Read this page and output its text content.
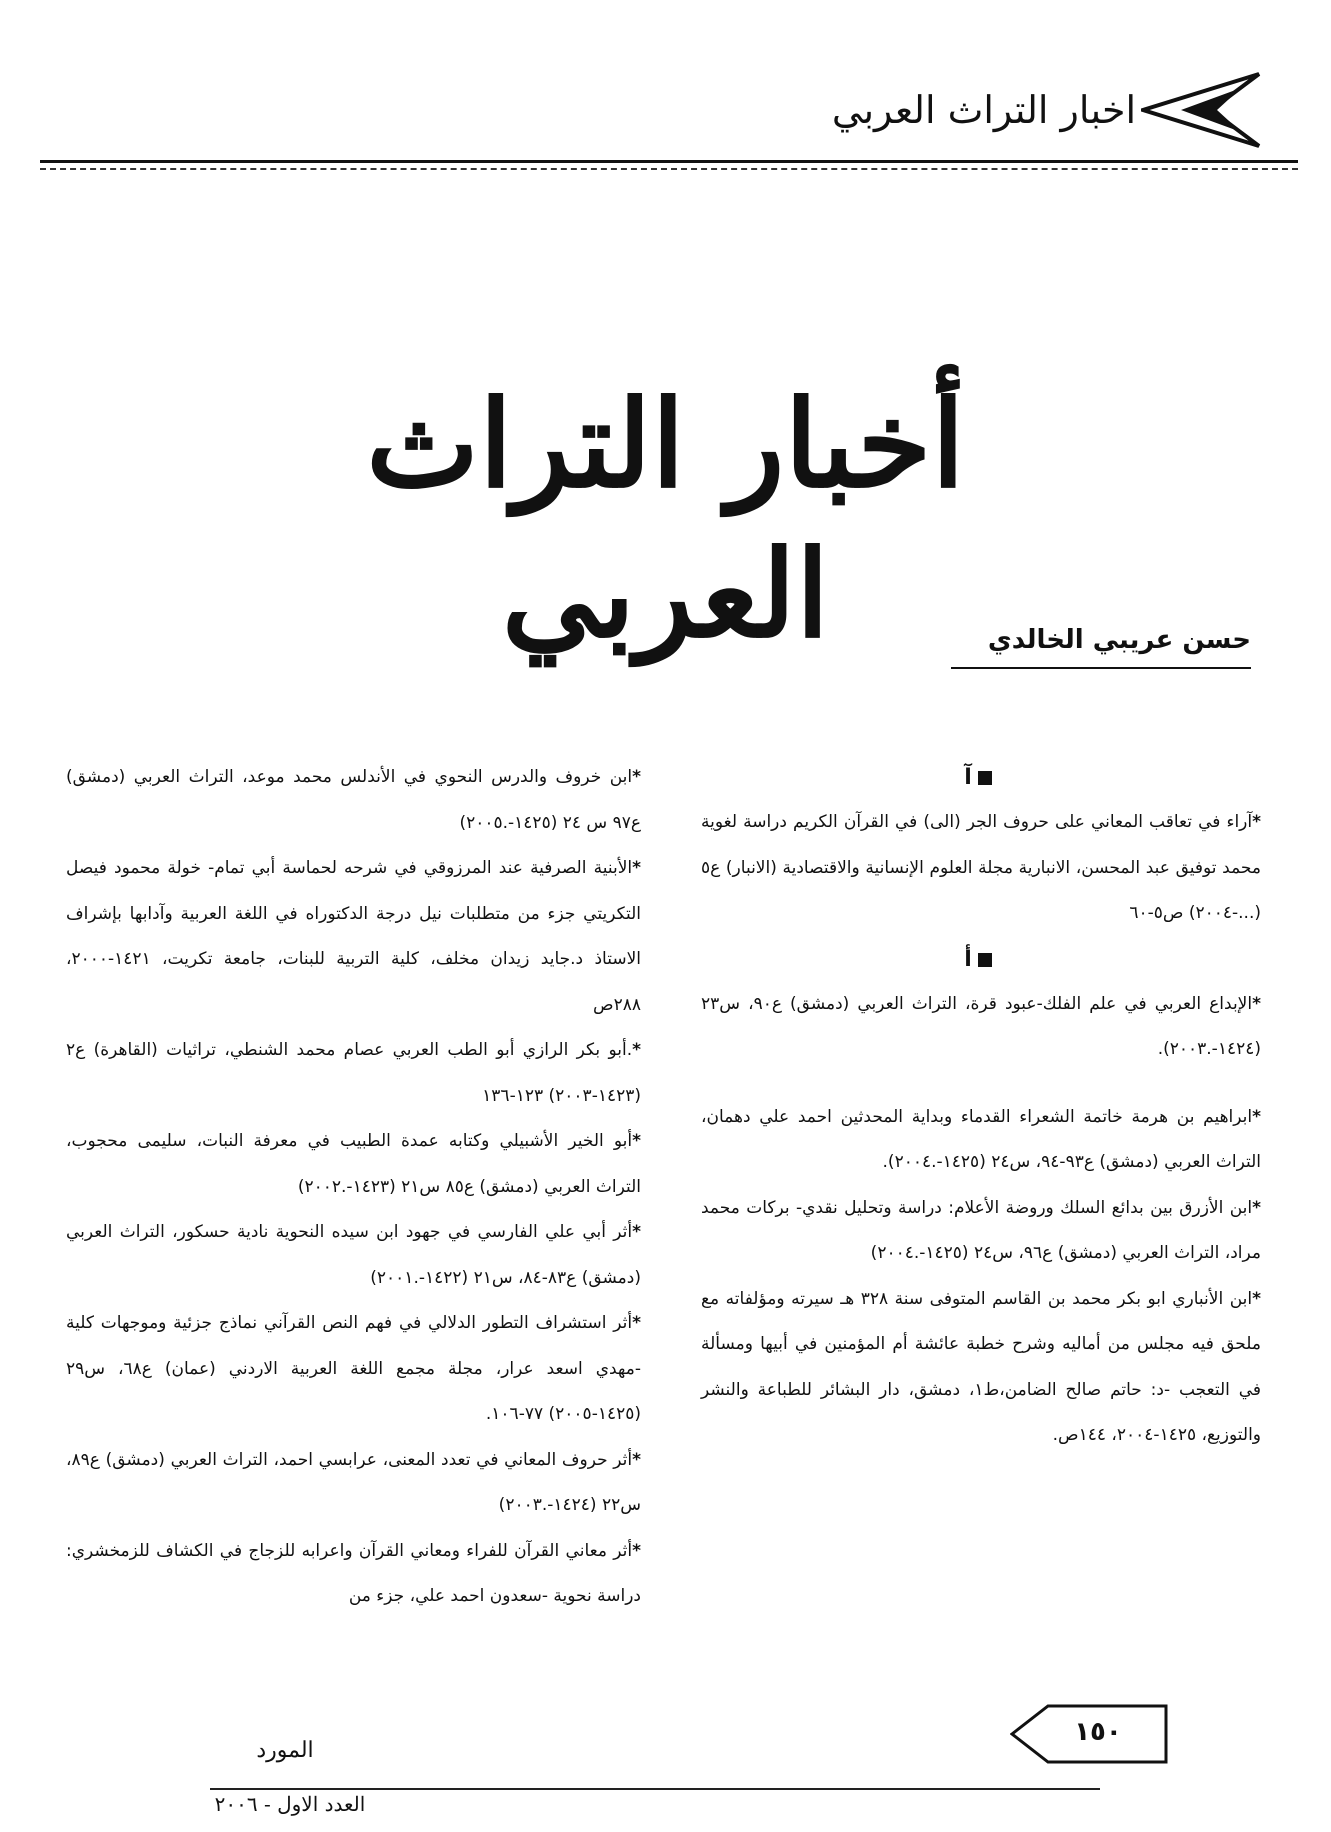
اخبار التراث العربي
أخبار التراث العربي	حسن عريبي الخالدي
آ

*آراء في تعاقب المعاني على حروف الجر (الى) في القرآن الكريم دراسة لغوية محمد توفيق عبد المحسن، الانبارية مجلة العلوم الإنسانية والاقتصادية (الانبار) ع٥ (...-٢٠٠٤) ص٥-٦٠

أ

*الإبداع العربي في علم الفلك-عبود قرة، التراث العربي (دمشق) ع٩٠، س٢٣ (١٤٢٤-.٢٠٠٣).

*ابراهيم بن هرمة خاتمة الشعراء القدماء وبداية المحدثين احمد علي دهمان، التراث العربي (دمشق) ع٩٣-٩٤، س٢٤ (١٤٢٥-.٢٠٠٤).

*ابن الأزرق بين بدائع السلك وروضة الأعلام: دراسة وتحليل نقدي- بركات محمد مراد، التراث العربي (دمشق) ع٩٦، س٢٤ (١٤٢٥-.٢٠٠٤)

*ابن الأنباري ابو بكر محمد بن القاسم المتوفى سنة ٣٢٨ هـ سيرته ومؤلفاته مع ملحق فيه مجلس من أماليه وشرح خطبة عائشة أم المؤمنين في أبيها ومسألة في التعجب -د: حاتم صالح الضامن،ط١، دمشق، دار البشائر للطباعة والنشر والتوزيع، ١٤٢٥-٢٠٠٤، ١٤٤ص.

*ابن خروف والدرس النحوي في الأندلس محمد موعد، التراث العربي (دمشق) ع٩٧ س ٢٤ (١٤٢٥-.٢٠٠٥)

*الأبنية الصرفية عند المرزوقي في شرحه لحماسة أبي تمام- خولة محمود فيصل التكريتي جزء من متطلبات نيل درجة الدكتوراه في اللغة العربية وآدابها بإشراف الاستاذ د.جايد زيدان مخلف، كلية التربية للبنات، جامعة تكريت، ١٤٢١-٢٠٠٠، ٢٨٨ص

*.أبو بكر الرازي أبو الطب العربي عصام محمد الشنطي، تراثيات (القاهرة) ع٢ (١٤٢٣-٢٠٠٣) ١٢٣-١٣٦

*أبو الخير الأشبيلي وكتابه عمدة الطبيب في معرفة النبات، سليمى محجوب، التراث العربي (دمشق) ع٨٥ س٢١ (١٤٢٣-.٢٠٠٢)

*أثر أبي علي الفارسي في جهود ابن سيده النحوية نادية حسكور، التراث العربي (دمشق) ع٨٣-٨٤، س٢١ (١٤٢٢-.٢٠٠١)

*أثر استشراف التطور الدلالي في فهم النص القرآني نماذج جزئية وموجهات كلية -مهدي اسعد عرار، مجلة مجمع اللغة العربية الاردني (عمان) ع٦٨، س٢٩ (١٤٢٥-٢٠٠٥) ٧٧-١٠٦.

*أثر حروف المعاني في تعدد المعنى، عرابسي احمد، التراث العربي (دمشق) ع٨٩، س٢٢ (١٤٢٤-.٢٠٠٣)

*أثر معاني القرآن للفراء ومعاني القرآن واعرابه للزجاج في الكشاف للزمخشري: دراسة نحوية -سعدون احمد علي، جزء من

١٥٠
المورد
العدد الاول - ٢٠٠٦
